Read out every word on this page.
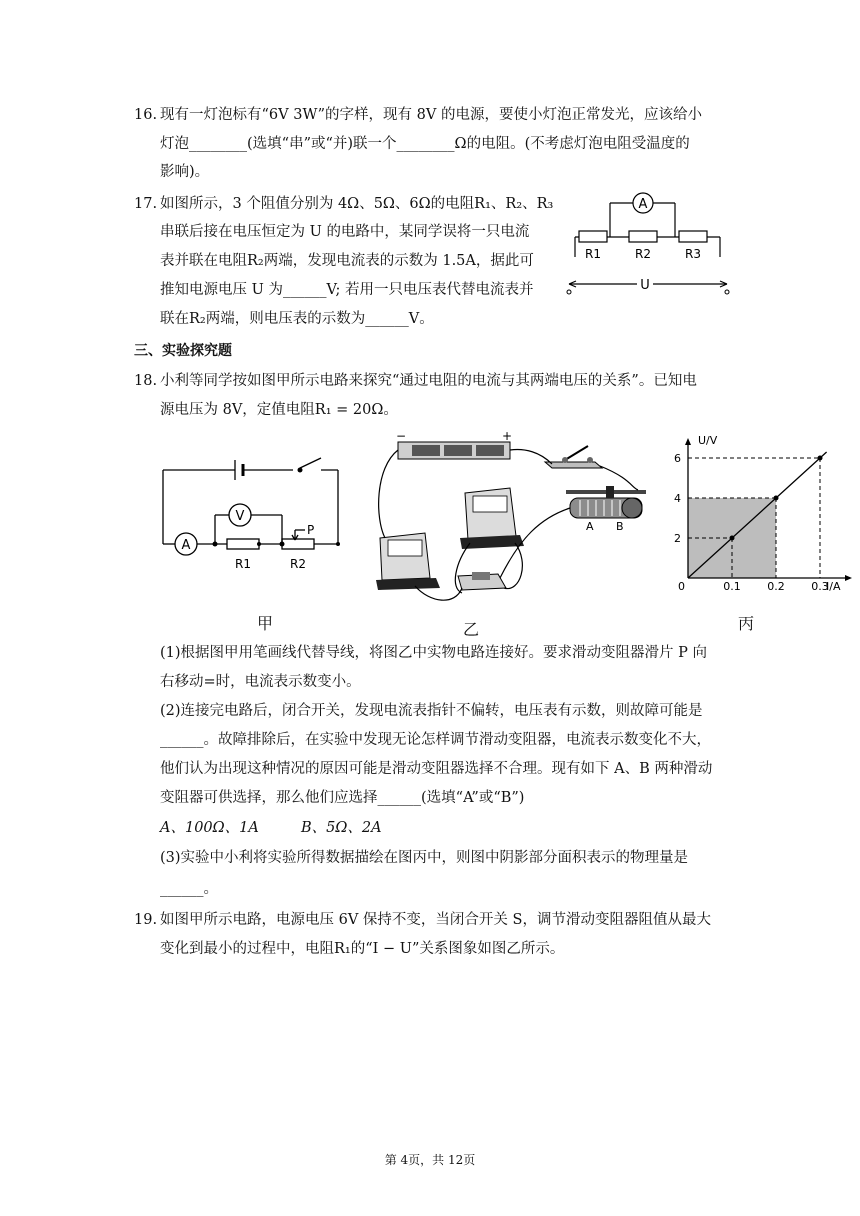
16. 现有一灯泡标有“6V 3W”的字样，现有 8V 的电源，要使小灯泡正常发光，应该给小
灯泡________(选填“串”或“并)联一个________Ω的电阻。(不考虑灯泡电阻受温度的
影响)。
17. 如图所示，3 个阻值分别为 4Ω、5Ω、6Ω的电阻R₁、R₂、R₃
串联后接在电压恒定为 U 的电路中，某同学误将一只电流
表并联在电阻R₂两端，发现电流表的示数为 1.5A，据此可
推知电源电压 U 为______V; 若用一只电压表代替电流表并
联在R₂两端，则电压表的示数为______V。
A
R1	R2	R3
U
三、实验探究题
18. 小利等同学按如图甲所示电路来探究“通过电阻的电流与其两端电压的关系”。已知电
源电压为 8V，定值电阻R₁ = 20Ω。
A
V
R1	R2
P
−	+
A B
0.1 0.2 0.3
2
4
6
U/V
I/A
0
甲	乙	丙
(1)根据图甲用笔画线代替导线，将图乙中实物电路连接好。要求滑动变阻器滑片 P 向
右移动=时，电流表示数变小。
(2)连接完电路后，闭合开关，发现电流表指针不偏转，电压表有示数，则故障可能是
______。故障排除后，在实验中发现无论怎样调节滑动变阻器，电流表示数变化不大，
他们认为出现这种情况的原因可能是滑动变阻器选择不合理。现有如下 A、B 两种滑动
变阻器可供选择，那么他们应选择______(选填“A”或“B”)
A、100Ω、1A	B、5Ω、2A
(3)实验中小利将实验所得数据描绘在图丙中，则图中阴影部分面积表示的物理量是
______。
19. 如图甲所示电路，电源电压 6V 保持不变，当闭合开关 S，调节滑动变阻器阻值从最大
变化到最小的过程中，电阻R₁的“I − U”关系图象如图乙所示。
第 4页，共 12页
